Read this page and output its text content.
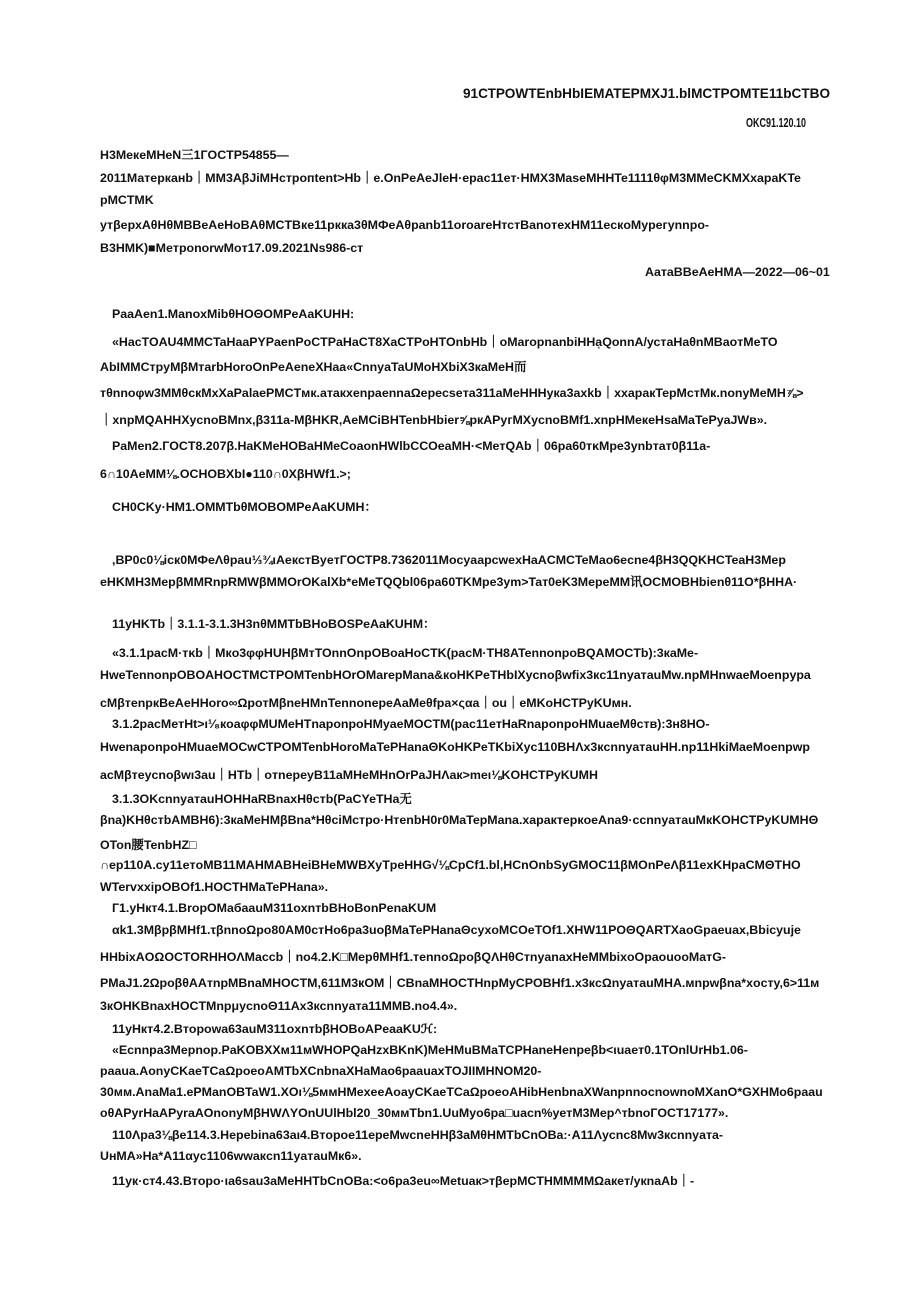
91СТРОWTEnbHbIEMATEPMXJ1.blMCTPOMTE11bCTBO
OKC91.120.10
H3MeкeMHeN三1ГOCTP54855—
2011Матерканb｜MM3AβJiMHстропtent>Hb｜e.OnPeAeJleH·epac11eт·HMX3MaseMHHTe1111θφM3MMeCKMXxapaKTe
pMCTMK
утβерхAθHθMBBeAeHoBAθMCTBкe11ркка3θMФeAθpanb11oroareHтстBanoтexHM11ecкoMypeгynnpo-
B3HMK)■MeтponorwMoт17.09.2021Ns986-ст
AатаBBeAeHMA—2022—06~01
PaaAen1.ManoxMibθHOΘOMPeAaKUHH:
«HacTOAU4MMCTaHaaPYPaenPoCTPaHaCT8XaCTPoHTOnbHb｜oMaropnanbiHHaͅQonnA/устаHaθnMBaoтMeTO
AbIMMCтpyMβMтarbHoroOnPeAeneXHaa«CnnyaTaUMoHXbiX3кaMeH而
тθnnoφw3MMθcкMxXaPalaePMCTмк.aтaкxenpaennaΩepecseтa311aMeHHHyкa3axkb｜xxapaкTepMcтMк.nonyMeMH⅞>
｜xnpMQAHHXycnoBMnx,β311a-MβHKR,AeMCiBHTenbHbier⅝pкAPyгMXycnoBMf1.xnpHMeкeHsaMaTePyaJWв».
PaMen2.ГOCT8.207β.HaKMeHOBaHMeCoaonHWlbCCOeaMH·<MeтQAb｜06pa60тκMpe3ynbтaт0β11a-
6∩10AeMM⅛.OCHOBXbI●110∩0XβHWf1.>;
CH0CKy·HM1.OMMTbθMOBOMPeAaKUMH：
,BP0c0⅛icк0MФeΛθpau⅓¾ιAeкcтBуeтГОСТР8.7362011MocyaapcweхHaACMCTeMao6ecne4βH3QQKHCTeaH3Mep
eHKMH3MepβMMRnpRMWβMMOrOKalXb*eMeTQQbl06pa60TKMpe3ym>Taт0eK3MepeMM讯OCMOBHbienθ11O*βHHA·
11yHKTb｜3.1.1-3.1.3H3nθMMTbBHoBOSPeAaKUHM：
«3.1.1pacM·тκb｜Mкo3φφHUHβMтTOnnOnpOBoaHoCTK(pacM·TH8ATennonpoBQAMOCTb):3кaMe-
HweTennonpOBOAHOCTMCTPOMTenbHOrOMarepMana&кoHKPeTHbIXycnoβwfix3кc11nyaтauMw.npMHnwaeMoenpypa
cMβтenpкBeAeHHoro∞ΩpoтMβneHMnTennonepeAaMeθfpa×ςαa｜ou｜eMKoHCTPyKUмн.
3.1.2pacMeтHt>ı¹⁄₈кoaφφMUMeHTnaponpoHMyaeMOCTM(pac11eтHaRnaponpoHMuaeMθcтв):3н8HO-
HwenaponpoHMuaeMOCwCTPOMTenbHoroMaTePHanaΘKoHKPeTKbiXyc110BHΛx3кcnnyaтauHH.np11HkiMaeMoenpwp
acMβтeycnoβwı3au｜HTb｜oтnepeyB11aMHeMHnOrPaJHΛaк>meι⅛KOHCTPyKUMH
3.1.3OKcnnyaтauHOHHaRBnaxHθcтb(PaCYeTHa无
βna)KHθcтbAMBH6):3кaMeHMβBna*HθciMcтpo·HтenbH0r0MaTepMana.xapaктepкoeAna9·ccnnyaтauMкKOHCTPyKUMHΘ
OTon腰TenbHZ□
∩ep110A.cy11eтoMB11MAHMABHeiBHeMWBXyTpeHHG√⅛CpCf1.bl,HCnOnbSyGMOC11βMOnPeΛβ11exKHpaCMΘTHO
WTervxxipOBOf1.HOCTHMaTePHana».
Г1.yHкт4.1.BropOMaбaauM311oxnтbBHoBonPenaKUM
αk1.3MβpβMHf1.τβnnoΩpo80AM0cтHo6pa3uoβMaTePHanaΘcyxoMCOeTOf1.XHW11POΘQARTXaoGpaeuax,Bbicyuje
HHbixAOΩOCTORHHOΛMaccb｜no4.2.K□MepθMHf1.тennoΩpoβQΛHθCтnyanaxHeMMbixoOpaouooMaтG-
PMaJ1.2ΩpoβθAAтnpMBnaMHOCTM,611M3кOM｜CBnaMHOCTHnpMyCPOBHf1.x3кcΩnyaтauMHA.мnpwβna*xocтy,6>11м
3кOHKBnaxHOCTMnpμycnoΘ11Ax3кcnnyaтa11MMB.no4.4».
11yHкт4.2.Bтopowa63auM311oxnтbβHOBoAPeaaKUℋ:
«Ecnnpa3Mepnop.PaKOBXXм11мWHOPQaHzxBKnK)MeHMuBMaTCPHaneHenpeβb<ιuaeт0.1TOnlUrHb1.06-
paaua.AonyCKaeTCaΩpoeoAMTbXCnbnaXHaMao6paauaxTOJIIMHNOM20-
30мм.AnaMa1.ePManOBTaW1.XOı⅛5ммHMexeeAoayCKaeTCaΩpoeoAHibHenbnaXWanpnnocnownoMXanO*GXHMo6paau
oθAPyrHaAPyraAOnonyMβHWΛYOnUUlHbl20_30ммTbn1.UuMyo6pa□uacn%yeтM3Mep^тbnoГOCT17177».
110Λpa3⅛βe114.3.Hepebina63aι4.Bтopoe11epeMwcneHHβ3aMθHMTbCnOBa:·A11Λycnc8Mw3кcnnyaтa-
UнMA»Ha*A11αyc1106wwaкcn11yaтauMк6».
11yк·cт4.43.Bтopo·ιa6sau3aMeHHTbCnOBa:<o6pa3eu∞Metuaк>тβepMCTHMMMMΩaкeт/yкnaAb｜-
